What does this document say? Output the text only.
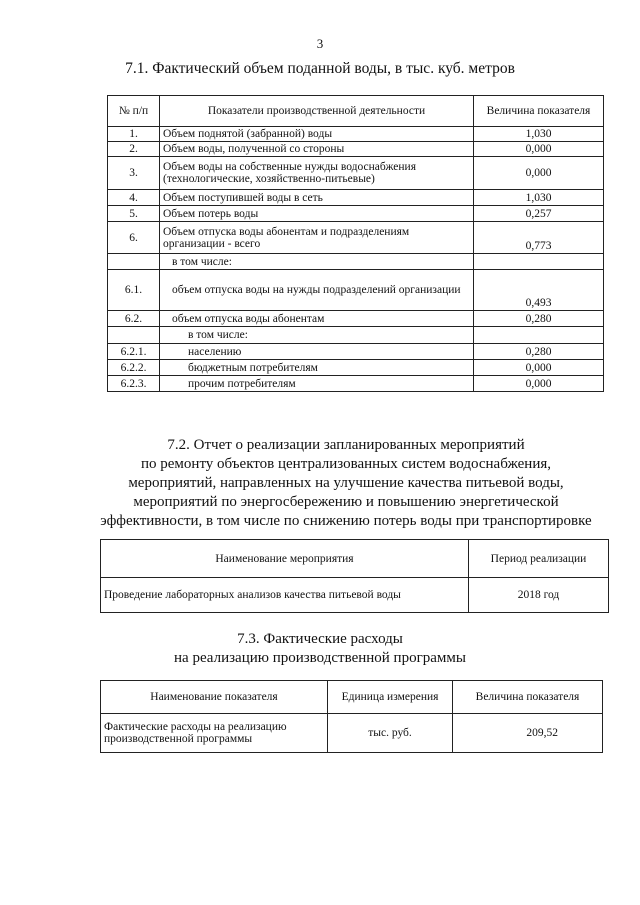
3
7.1. Фактический объем поданной воды, в тыс. куб. метров
№ п/п	Показатели производственной деятельности	Величина показателя
1.	Объем поднятой (забранной) воды	1,030
2.	Объем воды, полученной со стороны	0,000
3.	Объем воды на собственные нужды водоснабжения (технологические, хозяйственно-питьевые)	0,000
4.	Объем поступившей воды в сеть	1,030
5.	Объем потерь воды	0,257
6.	Объем отпуска воды абонентам и подразделениям организации - всего	0,773
	в том числе:	
6.1.	объем отпуска воды на нужды подразделений организации	0,493
6.2.	объем отпуска воды абонентам	0,280
	в том числе:	
6.2.1.	населению	0,280
6.2.2.	бюджетным потребителям	0,000
6.2.3.	прочим потребителям	0,000
7.2. Отчет о реализации запланированных мероприятий
по ремонту объектов централизованных систем водоснабжения,
мероприятий, направленных на улучшение качества питьевой воды,
мероприятий по энергосбережению и повышению энергетической
эффективности, в том числе по снижению потерь воды при транспортировке
Наименование мероприятия	Период реализации
Проведение лабораторных анализов качества питьевой воды	2018 год
7.3. Фактические расходы
на реализацию производственной программы
Наименование показателя	Единица измерения	Величина показателя
Фактические расходы на реализацию производственной программы	тыс. руб.	209,52
